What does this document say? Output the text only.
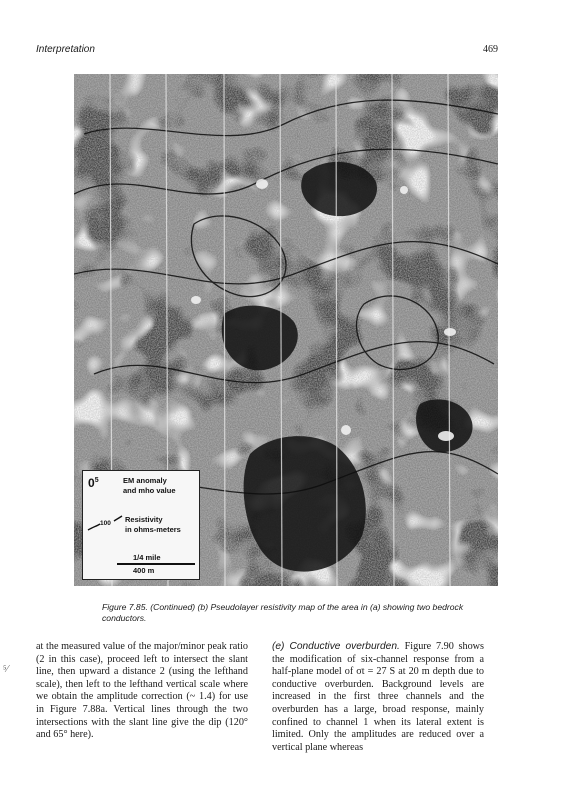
Interpretation	469
$0^5$	EM anomaly
and mho value
100 Resistivity
in ohms-meters
1/4 mile
400 m
Figure 7.85. (Continued) (b) Pseudolayer resistivity map of the area in (a) showing two bedrock conductors.
at the measured value of the major/minor peak ratio (2 in this case), proceed left to intersect the slant line, then upward a distance 2 (using the lefthand scale), then left to the lefthand vertical scale where we obtain the amplitude correction (~ 1.4) for use in Figure 7.88a. Vertical lines through the two intersections with the slant line give the dip (120° and 65° here).
(e) Conductive overburden. Figure 7.90 shows the modification of six-channel response from a half-plane model of σt = 27 S at 20 m depth due to conductive overburden. Background levels are increased in the first three channels and the overburden has a large, broad response, mainly confined to channel 1 when its lateral extent is limited. Only the amplitudes are reduced over a vertical plane whereas
⁵⁄
